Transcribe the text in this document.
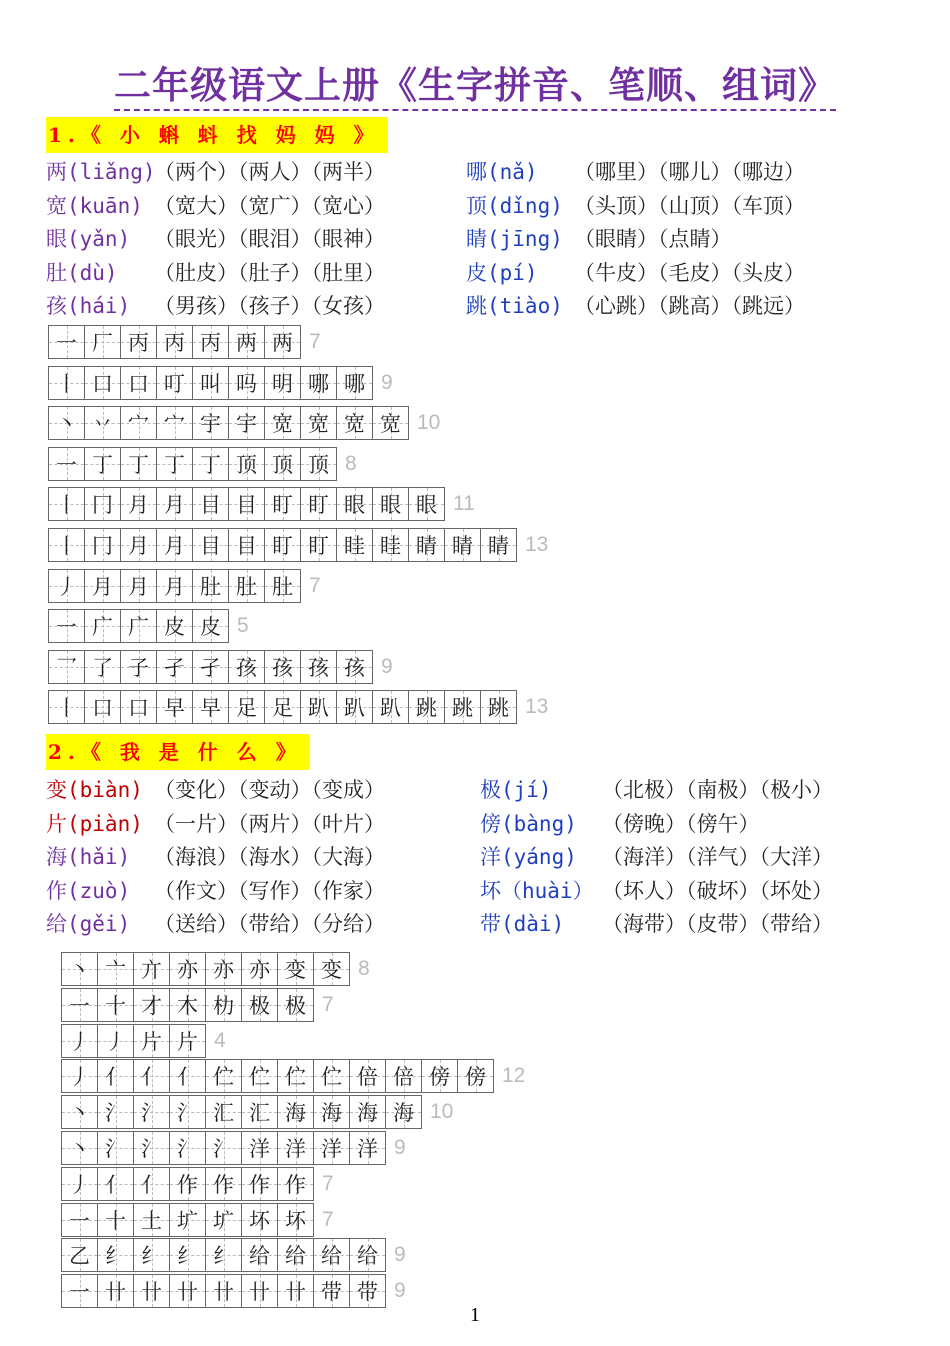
二年级语文上册《生字拼音、笔顺、组词》
1.《 小 蝌 蚪 找 妈 妈 》
2.《 我 是 什 么 》
两(liǎng)
（两个）（两人）（两半）
宽(kuān) （宽大）（宽广）（宽心）
眼(yǎn) （眼光）（眼泪）（眼神）
肚(dù) （肚皮）（肚子）（肚里）
孩(hái) （男孩）（孩子）（女孩）
哪(nǎ) （哪里）（哪儿）（哪边）
顶(dǐng) （头顶）（山顶）（车顶）
睛(jīng) （眼睛）（点睛）
皮(pí) （牛皮）（毛皮）（头皮）
跳(tiào) （心跳）（跳高）（跳远）
变(biàn) （变化）（变动）（变成）
片(piàn) （一片）（两片）（叶片）
海(hǎi) （海浪）（海水）（大海）
作(zuò) （作文）（写作）（作家）
给(gěi) （送给）（带给）（分给）
极(jí) （北极）（南极）（极小）
傍(bàng) （傍晚）（傍午）
洋(yáng) （海洋）（洋气）（大洋）
坏（huài） （坏人）（破坏）（坏处）
带(dài) （海带）（皮带）（带给）
一 厂 丙 丙 丙 两 两 7
丨 口 口 叮 叫 吗 明 哪 哪 9
丶 丷 宀 宀 宇 宇 宽 宽 宽 宽 10
一 丁 丁 丁 丁 顶 顶 顶 8
丨 冂 月 月 目 目 盯 盯 眼 眼 眼 11
丨 冂 月 月 目 目 盯 盯 眭 眭 睛 睛 睛 13
丿 月 月 月 肚 肚 肚 7
一 广 广 皮 皮 5
乛 了 子 孑 孑 孩 孩 孩 孩 9
丨 口 口 早 早 足 足 趴 趴 趴 跳 跳 跳 13
丶 亠 亣 亦 亦 亦 变 变 8
一 十 才 木 朸 极 极 7
丿 丿 片 片 4
丿 亻 亻 亻 伫 伫 伫 伫 倍 倍 傍 傍 12
丶 氵 氵 氵 汇 汇 海 海 海 海 10
丶 氵 氵 氵 氵 洋 洋 洋 洋 9
丿 亻 亻 作 作 作 作 7
一 十 土 圹 圹 坏 坏 7
乙 纟 纟 纟 纟 给 给 给 给 9
一 卄 卄 卄 卄 卄 卄 带 带 9
1
